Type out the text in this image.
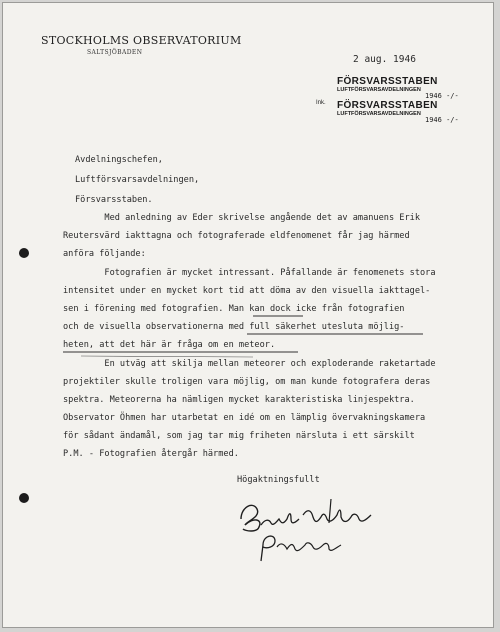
STOCKHOLMS OBSERVATORIUM
SALTSJÖBADEN
2 aug. 1946
FÖRSVARSSTABEN
LUFTFÖRSVARSAVDELNINGEN
1946 -/-
Ink. FÖRSVARSSTABEN
LUFTFÖRSVARSAVDELNINGEN
1946 -/-
Avdelningschefen,
Luftförsvarsavdelningen,
Försvarsstaben.
Med anledning av Eder skrivelse angående det av amanuens Erik
Reutersvärd iakttagna och fotograferade eldfenomenet får jag härmed
anföra följande:
Fotografien är mycket intressant. Påfallande är fenomenets stora
intensitet under en mycket kort tid att döma av den visuella iakttagel-
sen i förening med fotografien. Man kan dock icke från fotografien
och de visuella observationerna med full säkerhet utesluta möjlig-
heten, att det här är fråga om en meteor.
En utväg att skilja mellan meteorer och exploderande raketartade
projektiler skulle troligen vara möjlig, om man kunde fotografera deras
spektra. Meteorerna ha nämligen mycket karakteristiska linjespektra.
Observator Öhmen har utarbetat en idé om en lämplig övervakningskamera
för sådant ändamål, som jag tar mig friheten närsluta i ett särskilt
P.M. - Fotografien återgår härmed.
Högaktningsfullt
